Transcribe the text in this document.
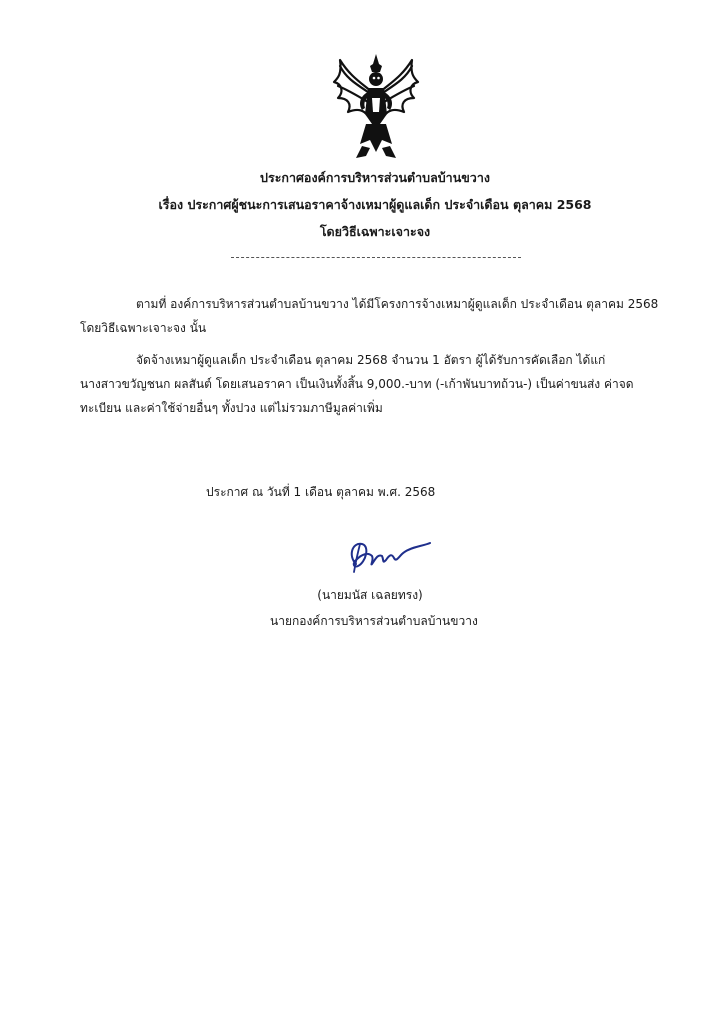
ประกาศองค์การบริหารส่วนตำบลบ้านขวาง
เรื่อง ประกาศผู้ชนะการเสนอราคาจ้างเหมาผู้ดูแลเด็ก ประจำเดือน ตุลาคม 2568
โดยวิธีเฉพาะเจาะจง

ตามที่ องค์การบริหารส่วนตำบลบ้านขวาง ได้มีโครงการจ้างเหมาผู้ดูแลเด็ก ประจำเดือน ตุลาคม 2568

โดยวิธีเฉพาะเจาะจง นั้น

จัดจ้างเหมาผู้ดูแลเด็ก ประจำเดือน ตุลาคม 2568 จำนวน 1 อัตรา ผู้ได้รับการคัดเลือก ได้แก่

นางสาวขวัญชนก ผลสันต์ โดยเสนอราคา เป็นเงินทั้งสิ้น 9,000.-บาท (-เก้าพันบาทถ้วน-) เป็นค่าขนส่ง ค่าจด

ทะเบียน และค่าใช้จ่ายอื่นๆ ทั้งปวง แต่ไม่รวมภาษีมูลค่าเพิ่ม

ประกาศ ณ วันที่ 1 เดือน ตุลาคม พ.ศ. 2568
(นายมนัส เฉลยทรง)
นายกองค์การบริหารส่วนตำบลบ้านขวาง
